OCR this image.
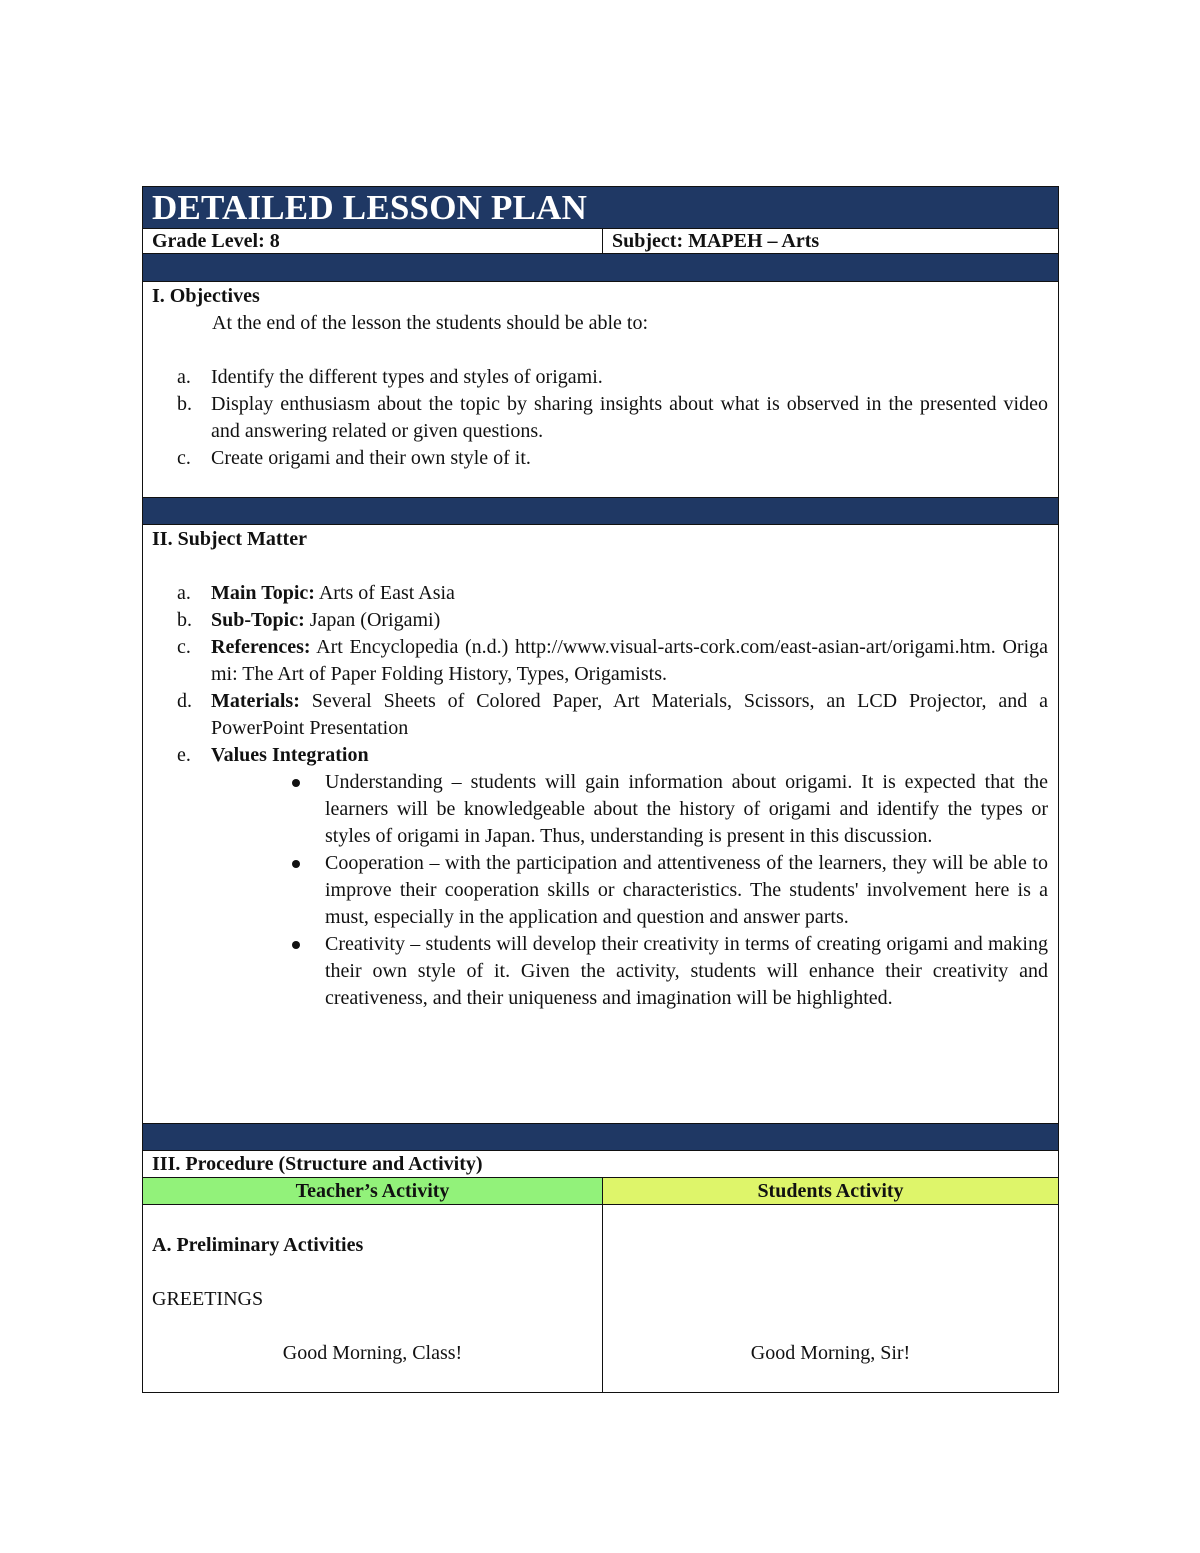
DETAILED LESSON PLAN
Grade Level: 8	Subject: MAPEH – Arts
I. Objectives
At the end of the lesson the students should be able to:
a.	Identify the different types and styles of origami.
b. Display enthusiasm about the topic by sharing insights about what is observed in the presented video and answering related or given questions.
c.	Create origami and their own style of it.
II. Subject Matter
a.	Main Topic: Arts of East Asia
b. Sub-Topic: Japan (Origami)
c.	References: Art Encyclopedia (n.d.) http://www.visual-arts-cork.com/east-asian-art/origami.htm. Origami: The Art of Paper Folding History, Types, Origamists.
d. Materials: Several Sheets of Colored Paper, Art Materials, Scissors, an LCD Projector, and a PowerPoint Presentation
e.	Values Integration
Understanding – students will gain information about origami. It is expected that the learners will be knowledgeable about the history of origami and identify the types or styles of origami in Japan. Thus, understanding is present in this discussion.
Cooperation – with the participation and attentiveness of the learners, they will be able to improve their cooperation skills or characteristics. The students' involvement here is a must, especially in the application and question and answer parts.
Creativity – students will develop their creativity in terms of creating origami and making their own style of it. Given the activity, students will enhance their creativity and creativeness, and their uniqueness and imagination will be highlighted.
III. Procedure (Structure and Activity)
Teacher’s Activity	Students Activity
A. Preliminary Activities
GREETINGS
Good Morning, Class!	Good Morning, Sir!
